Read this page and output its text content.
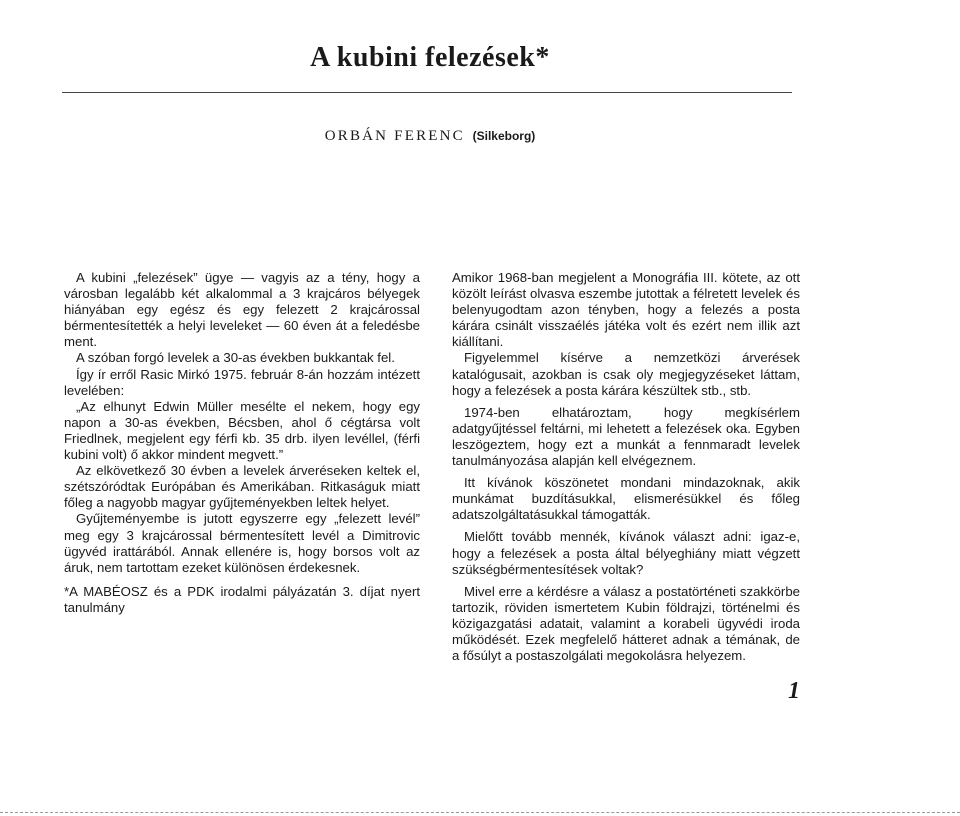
A kubini felezések*
ORBÁN FERENC (Silkeborg)

A kubini „felezések” ügye — vagyis az a tény, hogy a városban legalább két alkalommal a 3 krajcáros bélyegek hiányában egy egész és egy felezett 2 krajcárossal bérmentesítették a helyi leveleket — 60 éven át a feledésbe ment.

A szóban forgó levelek a 30-as években bukkantak fel.

Így ír erről Rasic Mirkó 1975. február 8-án hozzám intézett levelében:

„Az elhunyt Edwin Müller mesélte el nekem, hogy egy napon a 30-as években, Bécsben, ahol ő cégtársa volt Friedlnek, megjelent egy férfi kb. 35 drb. ilyen levéllel, (férfi kubini volt) ő akkor mindent megvett.”

Az elkövetkező 30 évben a levelek árveréseken keltek el, szétszóródtak Európában és Amerikában. Ritkaságuk miatt főleg a nagyobb magyar gyűjteményekben leltek helyet.

Gyűjteményembe is jutott egyszerre egy „felezett levél” meg egy 3 krajcárossal bérmentesített levél a Dimitrovic ügyvéd irattárából. Annak ellenére is, hogy borsos volt az áruk, nem tartottam ezeket különösen érdekesnek.

*A MABÉOSZ és a PDK irodalmi pályázatán 3. díjat nyert tanulmány

Amikor 1968-ban megjelent a Monográfia III. kötete, az ott közölt leírást olvasva eszembe jutottak a félretett levelek és belenyugodtam azon tényben, hogy a felezés a posta kárára csinált visszaélés játéka volt és ezért nem illik azt kiállítani.

Figyelemmel kísérve a nemzetközi árverések katalógusait, azokban is csak oly megjegyzéseket láttam, hogy a felezések a posta kárára készültek stb., stb.

1974-ben elhatároztam, hogy megkísérlem adatgyűjtéssel feltárni, mi lehetett a felezések oka. Egyben leszögeztem, hogy ezt a munkát a fennmaradt levelek tanulmányozása alapján kell elvégeznem.

Itt kívánok köszönetet mondani mindazoknak, akik munkámat buzdításukkal, elismerésükkel és főleg adatszolgáltatásukkal támogatták.

Mielőtt tovább mennék, kívánok választ adni: igaz-e, hogy a felezések a posta által bélyeghiány miatt végzett szükségbérmentesítések voltak?

Mivel erre a kérdésre a válasz a postatörténeti szakkörbe tartozik, röviden ismertetem Kubin földrajzi, történelmi és közigazgatási adatait, valamint a korabeli ügyvédi iroda működését. Ezek megfelelő hátteret adnak a témának, de a fősúlyt a postaszolgálati megokolásra helyezem.

1
